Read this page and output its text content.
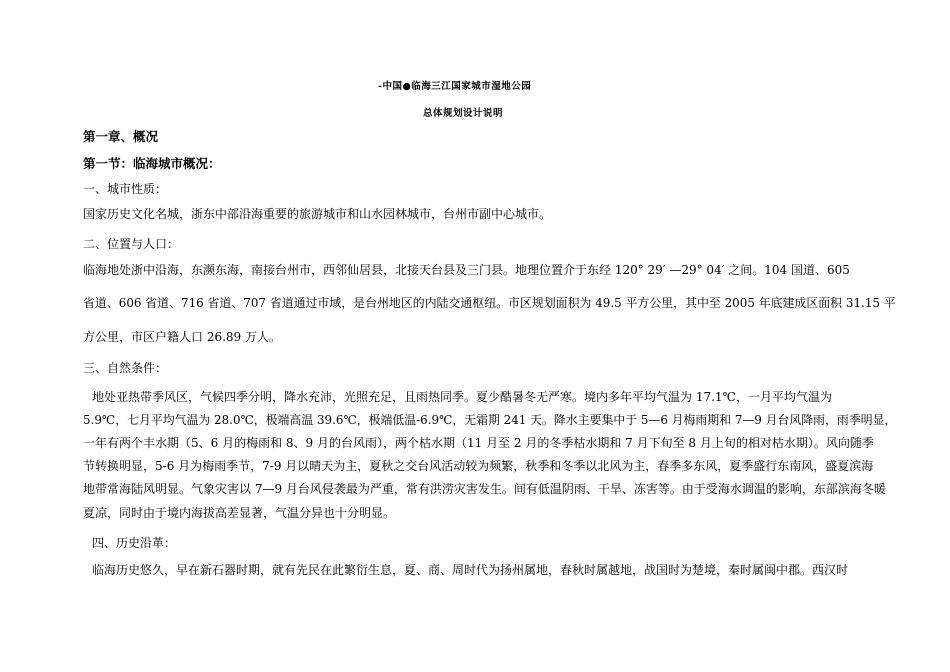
-中国●临海三江国家城市湿地公园
总体规划设计说明
第一章、概况
第一节：临海城市概况：
一、城市性质：
国家历史文化名城，浙东中部沿海重要的旅游城市和山水园林城市，台州市副中心城市。
二、位置与人口：
临海地处浙中沿海，东濒东海，南接台州市，西邻仙居县，北接天台县及三门县。地理位置介于东经 120° 29′ —29° 04′ 之间。104 国道、605
省道、606 省道、716 省道、707 省道通过市域，是台州地区的内陆交通枢纽。市区规划面积为 49.5 平方公里，其中至 2005 年底建成区面积 31.15 平
方公里，市区户籍人口 26.89 万人。
三、自然条件：
地处亚热带季风区，气候四季分明，降水充沛，光照充足，且雨热同季。夏少酷暑冬无严寒。境内多年平均气温为 17.1℃，一月平均气温为
5.9℃，七月平均气温为 28.0℃，极端高温 39.6℃，极端低温-6.9℃，无霜期 241 天。降水主要集中于 5—6 月梅雨期和 7—9 月台风降雨，雨季明显，
一年有两个丰水期（5、6 月的梅雨和 8、9 月的台风雨），两个枯水期（11 月至 2 月的冬季枯水期和 7 月下旬至 8 月上旬的相对枯水期）。风向随季
节转换明显，5-6 月为梅雨季节，7-9 月以晴天为主，夏秋之交台风活动较为频繁，秋季和冬季以北风为主，春季多东风，夏季盛行东南风，盛夏滨海
地带常海陆风明显。气象灾害以 7—9 月台风侵袭最为严重，常有洪涝灾害发生。间有低温阴雨、干旱、冻害等。由于受海水调温的影响，东部滨海冬暖
夏凉，同时由于境内海拔高差显著，气温分异也十分明显。
四、历史沿革：
临海历史悠久，早在新石器时期，就有先民在此繁衍生息，夏、商、周时代为扬州属地，春秋时属越地，战国时为楚境，秦时属闽中郡。西汉时
